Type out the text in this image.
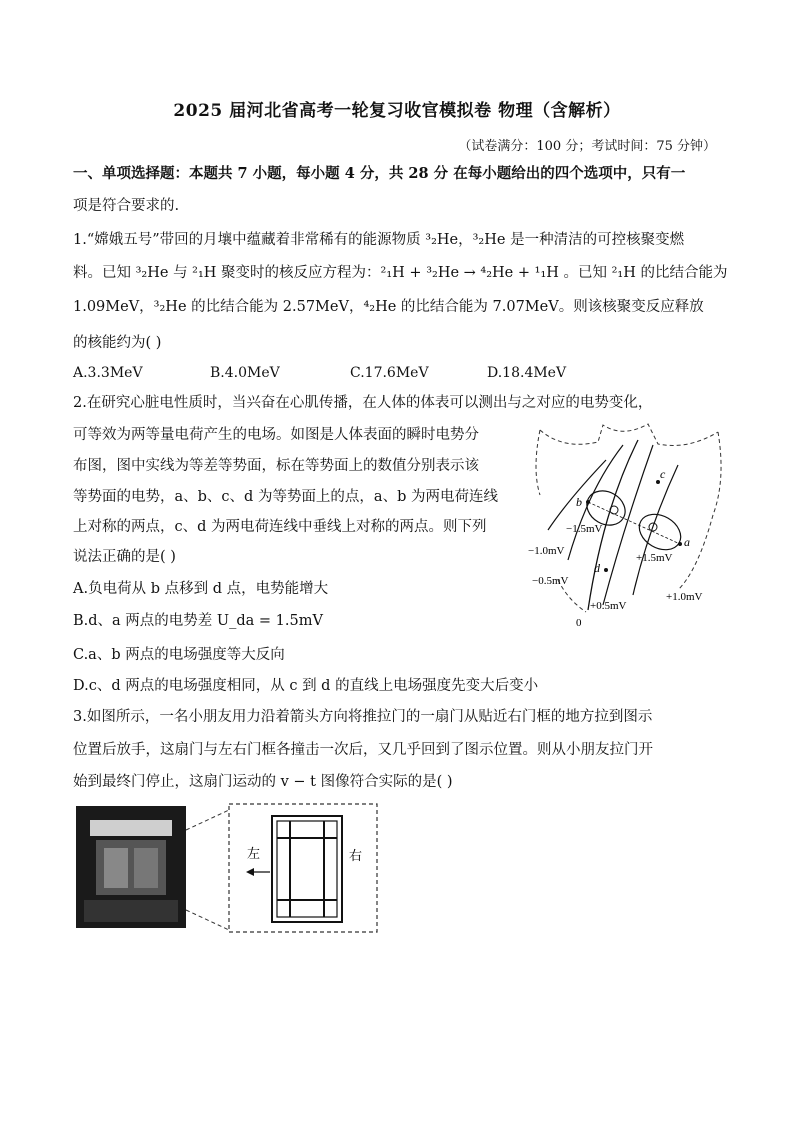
2025 届河北省高考一轮复习收官模拟卷 物理（含解析）
（试卷满分：100 分；考试时间：75 分钟）
一、单项选择题：本题共 7 小题，每小题 4 分，共 28 分 在每小题给出的四个选项中，只有一
项是符合要求的.
1.“嫦娥五号”带回的月壤中蕴藏着非常稀有的能源物质 ³₂He，³₂He 是一种清洁的可控核聚变燃
料。已知 ³₂He 与 ²₁H 聚变时的核反应方程为：²₁H + ³₂He → ⁴₂He + ¹₁H 。已知 ²₁H 的比结合能为
1.09MeV，³₂He 的比结合能为 2.57MeV，⁴₂He 的比结合能为 7.07MeV。则该核聚变反应释放
的核能约为( )
A.3.3MeV	B.4.0MeV	C.17.6MeV	D.18.4MeV
2.在研究心脏电性质时，当兴奋在心肌传播，在人体的体表可以测出与之对应的电势变化，
可等效为两等量电荷产生的电场。如图是人体表面的瞬时电势分
布图，图中实线为等差等势面，标在等势面上的数值分别表示该
等势面的电势，a、b、c、d 为等势面上的点，a、b 为两电荷连线
上对称的两点，c、d 为两电荷连线中垂线上对称的两点。则下列
说法正确的是( )
A.负电荷从 b 点移到 d 点，电势能增大
B.d、a 两点的电势差 U_da = 1.5mV
C.a、b 两点的电场强度等大反向
D.c、d 两点的电场强度相同，从 c 到 d 的直线上电场强度先变大后变小
c
b
a
d
−1.5mV
−1.0mV
−0.5mV
+1.5mV
+1.0mV
+0.5mV
0
3.如图所示，一名小朋友用力沿着箭头方向将推拉门的一扇门从贴近右门框的地方拉到图示
位置后放手，这扇门与左右门框各撞击一次后，又几乎回到了图示位置。则从小朋友拉门开
始到最终门停止，这扇门运动的 v − t 图像符合实际的是( )
左	右
